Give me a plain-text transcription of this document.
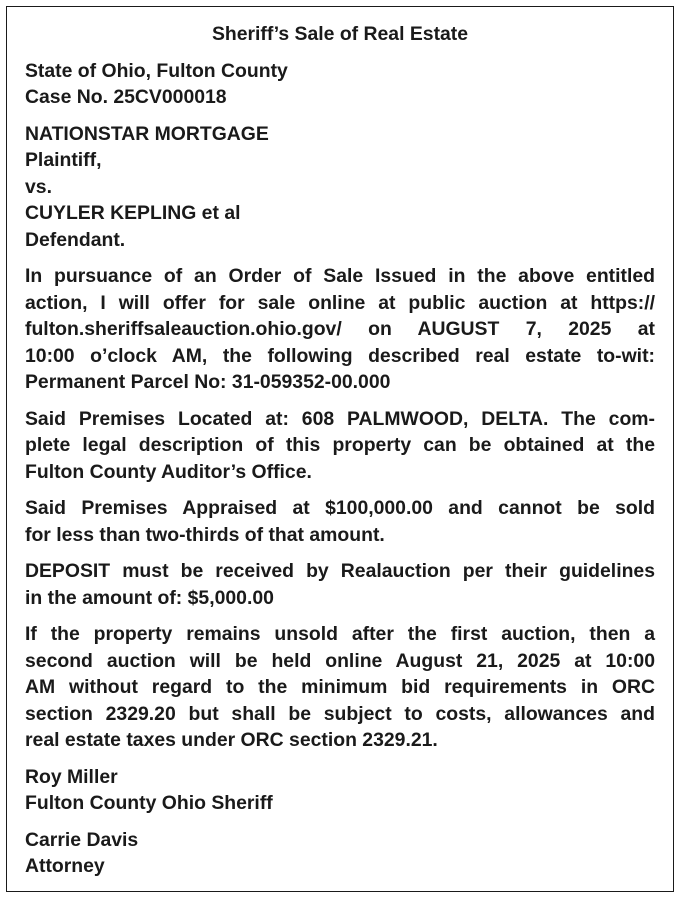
Sheriff’s Sale of Real Estate
State of Ohio, Fulton County
Case No. 25CV000018
NATIONSTAR MORTGAGE
Plaintiff,
vs.
CUYLER KEPLING et al
Defendant.
In pursuance of an Order of Sale Issued in the above entitled
action, I will offer for sale online at public auction at https://
fulton.sheriffsaleauction.ohio.gov/ on AUGUST 7, 2025 at
10:00 o’clock AM, the following described real estate to-wit:
Permanent Parcel No: 31-059352-00.000
Said Premises Located at: 608 PALMWOOD, DELTA. The com-
plete legal description of this property can be obtained at the
Fulton County Auditor’s Office.
Said Premises Appraised at $100,000.00 and cannot be sold
for less than two-thirds of that amount.
DEPOSIT must be received by Realauction per their guidelines
in the amount of: $5,000.00
If the property remains unsold after the first auction, then a
second auction will be held online August 21, 2025 at 10:00
AM without regard to the minimum bid requirements in ORC
section 2329.20 but shall be subject to costs, allowances and
real estate taxes under ORC section 2329.21.
Roy Miller
Fulton County Ohio Sheriff
Carrie Davis
Attorney
